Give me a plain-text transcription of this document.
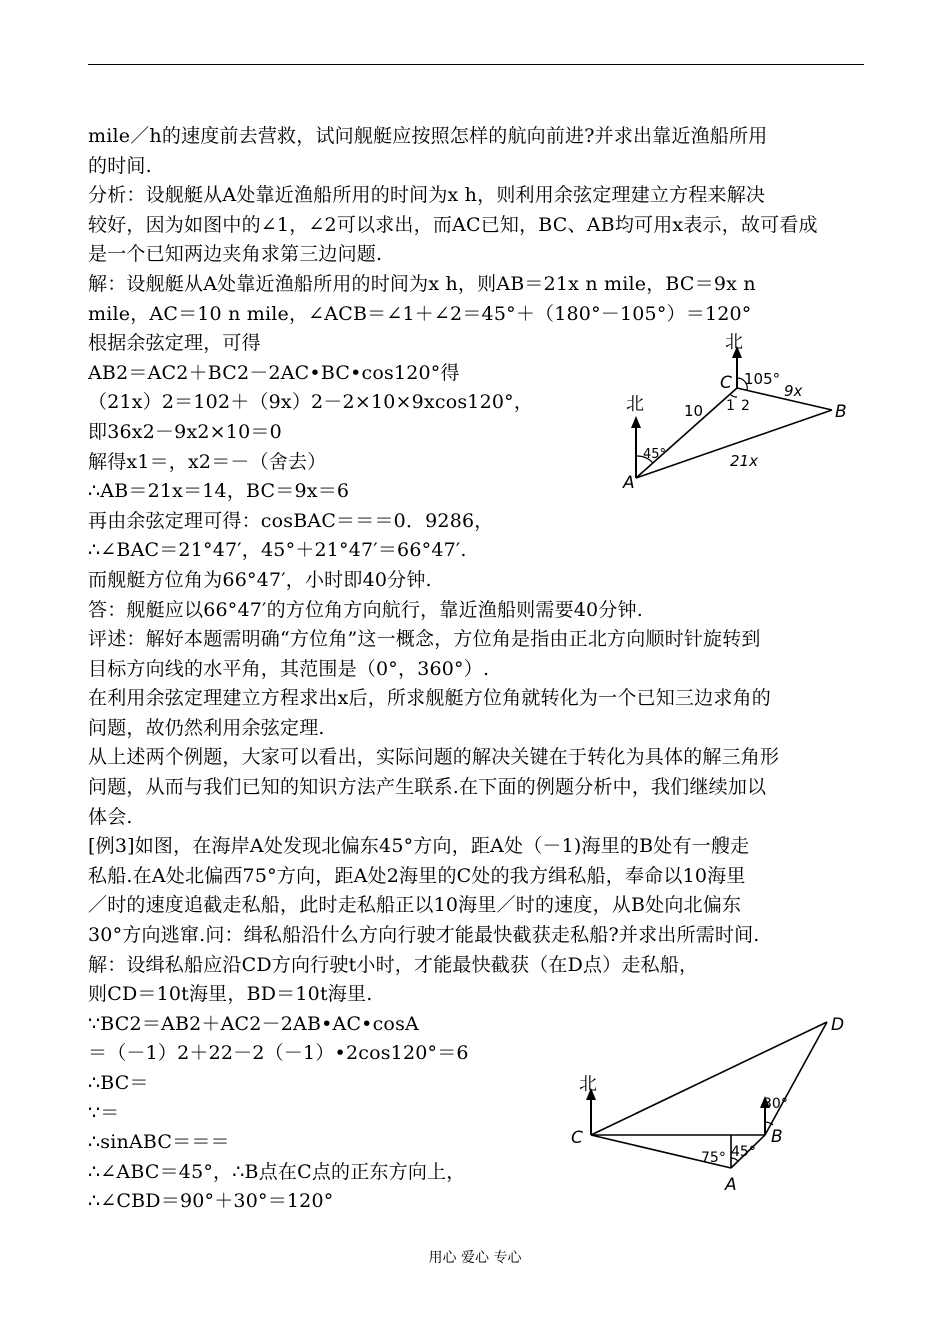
mile／h的速度前去营救，试问舰艇应按照怎样的航向前进?并求出靠近渔船所用
的时间.
分析：设舰艇从A处靠近渔船所用的时间为x h，则利用余弦定理建立方程来解决
较好，因为如图中的∠1，∠2可以求出，而AC已知，BC、AB均可用x表示，故可看成
是一个已知两边夹角求第三边问题.
解：设舰艇从A处靠近渔船所用的时间为x h，则AB＝21x n mile，BC＝9x n
mile，AC＝10 n mile，∠ACB＝∠1＋∠2＝45°＋（180°－105°）＝120°
根据余弦定理，可得
AB2＝AC2＋BC2－2AC•BC•cos120°得
（21x）2＝102＋（9x）2－2×10×9xcos120°，
即36x2－9x2×10＝0
解得x1＝，x2＝－（舍去）
∴AB＝21x＝14，BC＝9x＝6
再由余弦定理可得：cosBAC＝＝＝0．9286，
∴∠BAC＝21°47′，45°＋21°47′＝66°47′.
而舰艇方位角为66°47′，小时即40分钟.
答：舰艇应以66°47′的方位角方向航行，靠近渔船则需要40分钟.
评述：解好本题需明确“方位角”这一概念，方位角是指由正北方向顺时针旋转到
目标方向线的水平角，其范围是（0°，360°）.
在利用余弦定理建立方程求出x后，所求舰艇方位角就转化为一个已知三边求角的
问题，故仍然利用余弦定理.
从上述两个例题，大家可以看出，实际问题的解决关键在于转化为具体的解三角形
问题，从而与我们已知的知识方法产生联系.在下面的例题分析中，我们继续加以
体会.
[例3]如图，在海岸A处发现北偏东45°方向，距A处（－1)海里的B处有一艘走
私船.在A处北偏西75°方向，距A处2海里的C处的我方缉私船，奉命以10海里
／时的速度追截走私船，此时走私船正以10海里／时的速度，从B处向北偏东
30°方向逃窜.问：缉私船沿什么方向行驶才能最快截获走私船?并求出所需时间.
解：设缉私船应沿CD方向行驶t小时，才能最快截获（在D点）走私船，
则CD＝10t海里，BD＝10t海里.
∵BC2＝AB2＋AC2－2AB•AC•cosA
＝（－1）2＋22－2（－1）•2cos120°＝6
∴BC＝
∵＝
∴sinABC＝＝＝
∴∠ABC＝45°，∴B点在C点的正东方向上，
∴∠CBD＝90°＋30°＝120°
北
北
A
C
B
105°
45°
10
9x
21x
1 2
北
C
A
B
D
30°
75° 45°
用心 爱心 专心
